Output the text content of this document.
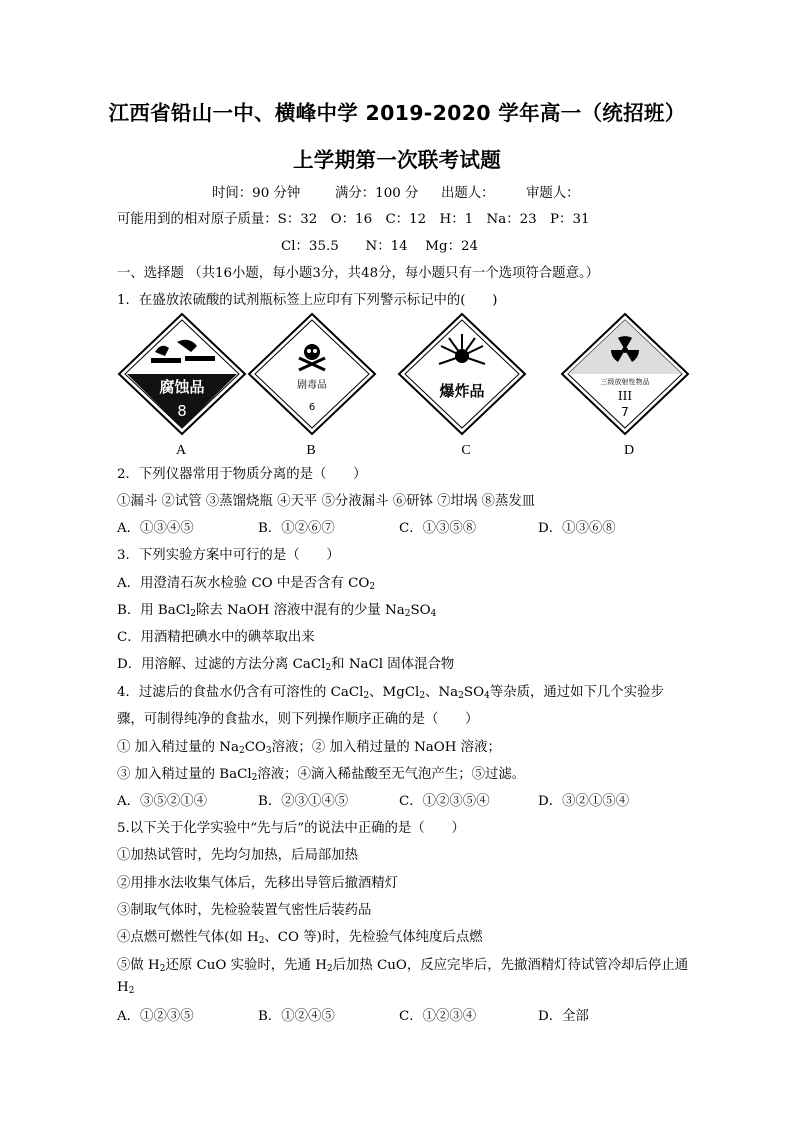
江西省铅山一中、横峰中学 2019-2020 学年高一（统招班）
上学期第一次联考试题
时间：90 分钟	满分：100 分 出题人： 审题人：
可能用到的相对原子质量：S：32　O：16　C：12　H：1　Na：23　P：31
Cl：35.5　　N：14　 Mg：24
一、选择题 （共16小题，每小题3分，共48分，每小题只有一个选项符合题意。）
1．在盛放浓硫酸的试剂瓶标签上应印有下列警示标记中的(　　)
腐蚀品
8
剧毒品
6
爆炸品	三级放射性物品
III
7
A	B	C	D
2．下列仪器常用于物质分离的是（　　）
①漏斗 ②试管 ③蒸馏烧瓶 ④天平 ⑤分液漏斗 ⑥研钵 ⑦坩埚 ⑧蒸发皿
A．①③④⑤	B．①②⑥⑦	C．①③⑤⑧	D．①③⑥⑧
3．下列实验方案中可行的是（　　）
A．用澄清石灰水检验 CO 中是否含有 $CO_2$
B．用 BaCl$_2$除去 NaOH 溶液中混有的少量 $Na_2SO_4$
C．用酒精把碘水中的碘萃取出来
D．用溶解、过滤的方法分离 CaCl$_2$和 NaCl 固体混合物
4．过滤后的食盐水仍含有可溶性的 CaCl$_2$、MgCl$_2$、$Na_2SO_4$等杂质，通过如下几个实验步
骤，可制得纯净的食盐水，则下列操作顺序正确的是（　　）
① 加入稍过量的 $Na_2CO_3$溶液；② 加入稍过量的 NaOH 溶液；
③ 加入稍过量的 BaCl$_2$溶液；④滴入稀盐酸至无气泡产生；⑤过滤。
A．③⑤②①④	B．②③①④⑤	C．①②③⑤④	D．③②①⑤④
5.以下关于化学实验中“先与后”的说法中正确的是（　　）
①加热试管时，先均匀加热，后局部加热
②用排水法收集气体后，先移出导管后撤酒精灯
③制取气体时，先检验装置气密性后装药品
④点燃可燃性气体(如 $H_2$、CO 等)时，先检验气体纯度后点燃
⑤做 $H_2$还原 CuO 实验时，先通 $H_2$后加热 CuO，反应完毕后，先撤酒精灯待试管冷却后停止通
$H_2$
A．①②③⑤	B．①②④⑤	C．①②③④	D．全部
